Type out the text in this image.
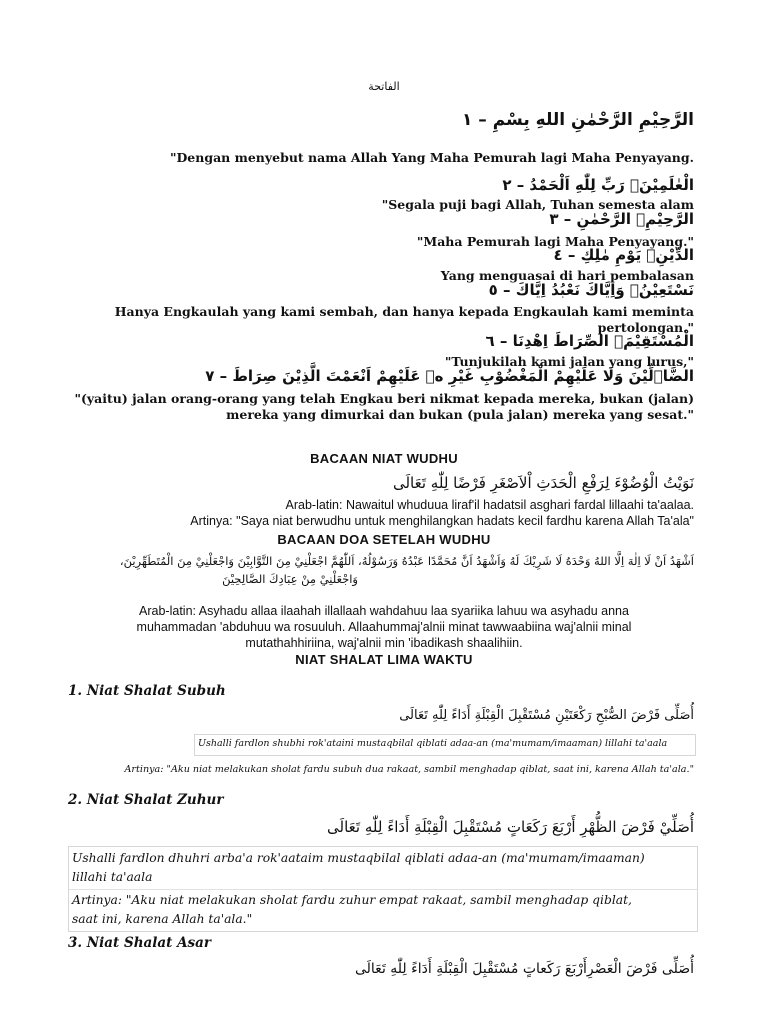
الفاتحة
الرَّحِيْمِ الرَّحْمٰنِ اللهِ بِسْمِ – ١
"Dengan menyebut nama Allah Yang Maha Pemurah lagi Maha Penyayang.
الْعٰلَمِيْنَۙ رَبِّ لِلّٰهِ اَلْحَمْدُ – ٢
"Segala puji bagi Allah, Tuhan semesta alam
الرَّحِيْمِۙ الرَّحْمٰنِ – ٣
"Maha Pemurah lagi Maha Penyayang."
الدِّيْنِۗ يَوْمِ مٰلِكِ – ٤
Yang menguasai di hari pembalasan
نَسْتَعِيْنُۗ وَاِيَّاكَ نَعْبُدُ اِيَّاكَ – ٥
Hanya Engkaulah yang kami sembah, dan hanya kepada Engkaulah kami meminta
pertolongan."
الْمُسْتَقِيْمَۙ الصِّرَاطَ اِهْدِنَا – ٦
"Tunjukilah kami jalan yang lurus,"
الضَّاۤلِّيْنَ وَلَا عَلَيْهِمْ الْمَغْضُوْبِ غَيْرِ ەۙ عَلَيْهِمْ اَنْعَمْتَ الَّذِيْنَ صِرَاطَ – ٧
"(yaitu) jalan orang-orang yang telah Engkau beri nikmat kepada mereka, bukan (jalan)
mereka yang dimurkai dan bukan (pula jalan) mereka yang sesat."
BACAAN NIAT WUDHU
نَوَيْتُ الْوُضُوْءَ لِرَفْعِ الْحَدَثِ اْلاَصْغَرِ فَرْضًا لِلّٰهِ تَعَالَى
Arab-latin: Nawaitul whuduua liraf'il hadatsil asghari fardal lillaahi ta'aalaa.
Artinya: "Saya niat berwudhu untuk menghilangkan hadats kecil fardhu karena Allah Ta'ala"
BACAAN DOA SETELAH WUDHU
اَشْهَدُ اَنْ لَا اِلٰهَ اِلَّا اللهُ وَحْدَهُ لَا شَرِيْكَ لَهُ وَاَشْهَدُ اَنَّ مُحَمَّدًا عَبْدُهُ وَرَسُوْلُهُ، اَللّٰهُمَّ اجْعَلْنِيْ مِنَ التَّوَّابِيْنَ وَاجْعَلْنِيْ مِنَ الْمُتَطَهِّرِيْنَ،
وَاجْعَلْنِيْ مِنْ عِبَادِكَ الصَّالِحِيْنَ
Arab-latin: Asyhadu allaa ilaahah illallaah wahdahuu laa syariika lahuu wa asyhadu anna
muhammadan 'abduhuu wa rosuuluh. Allaahummaj'alnii minat tawwaabiina waj'alnii minal
mutathahhiriina, waj'alnii min 'ibadikash shaalihiin.
NIAT SHALAT LIMA WAKTU
1. Niat Shalat Subuh
أُصَلِّى فَرْضَ الصُّبْحِ رَكْعَتَيْنِ مُسْتَقْبِلَ الْقِبْلَةِ أَدَاءً لِلّٰهِ تَعَالَى
Ushalli fardlon shubhi rok'ataini mustaqbilal qiblati adaa-an (ma'mumam/imaaman) lillahi ta'aala
Artinya: "Aku niat melakukan sholat fardu subuh dua rakaat, sambil menghadap qiblat, saat ini, karena Allah ta'ala."
2. Niat Shalat Zuhur
أُصَلِّيْ فَرْضَ الظُّهْرِ أَرْبَعَ رَكَعَاتٍ مُسْتَقْبِلَ الْقِبْلَةِ أَدَاءً لِلّٰهِ تَعَالَى
Ushalli fardlon dhuhri arba'a rok'aataim mustaqbilal qiblati adaa-an (ma'mumam/imaaman)
lillahi ta'aala
Artinya: "Aku niat melakukan sholat fardu zuhur empat rakaat, sambil menghadap qiblat,
saat ini, karena Allah ta'ala."
3. Niat Shalat Asar
أُصَلِّى فَرْضَ الْعَصْرِأَرْبَعَ رَكَعاتٍ مُسْتَقْبِلَ الْقِبْلَةِ أَدَاءً لِلّٰهِ تَعَالَى
